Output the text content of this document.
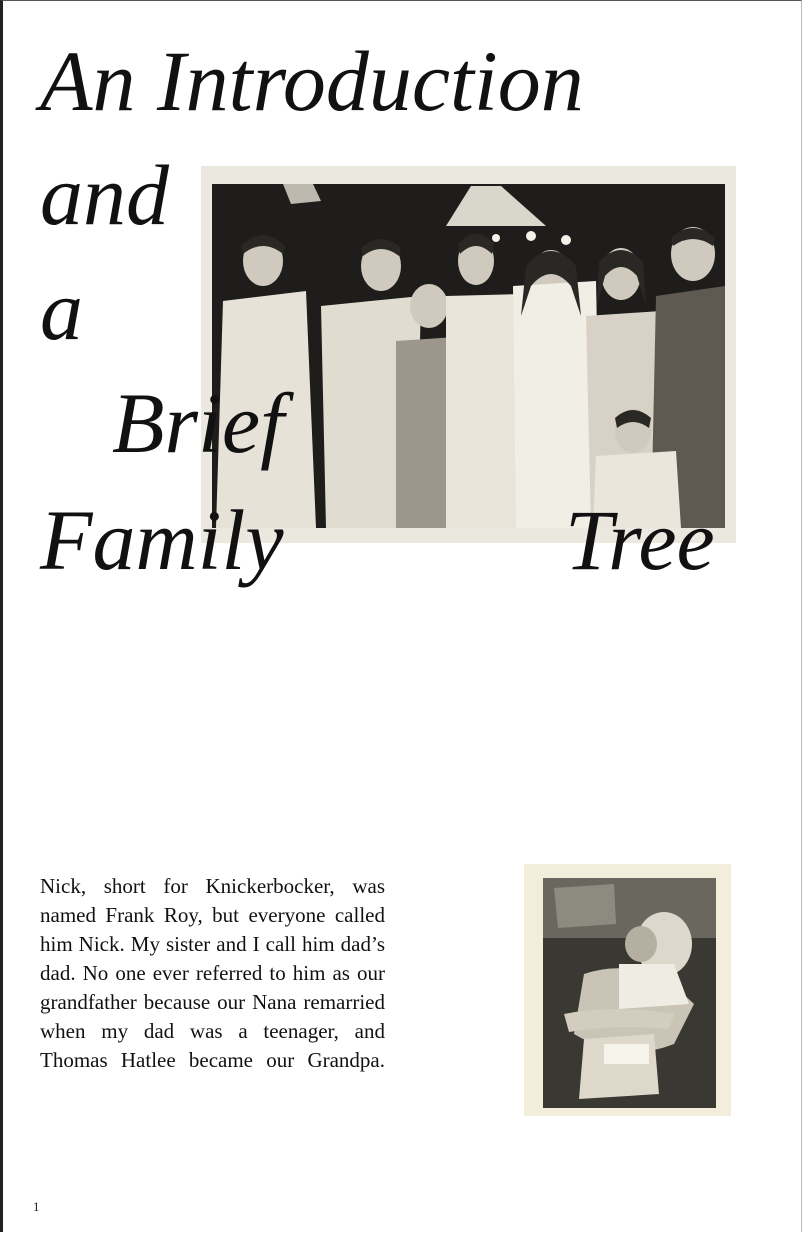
An Introduction
and
a
Brief
Family	Tree

Nick, short for Knickerbocker, was named Frank Roy, but everyone called him Nick. My sister and I call him dad’s dad. No one ever referred to him as our grandfather because our Nana remarried when my dad was a teenager, and Thomas Hatlee became our Grandpa.

1
